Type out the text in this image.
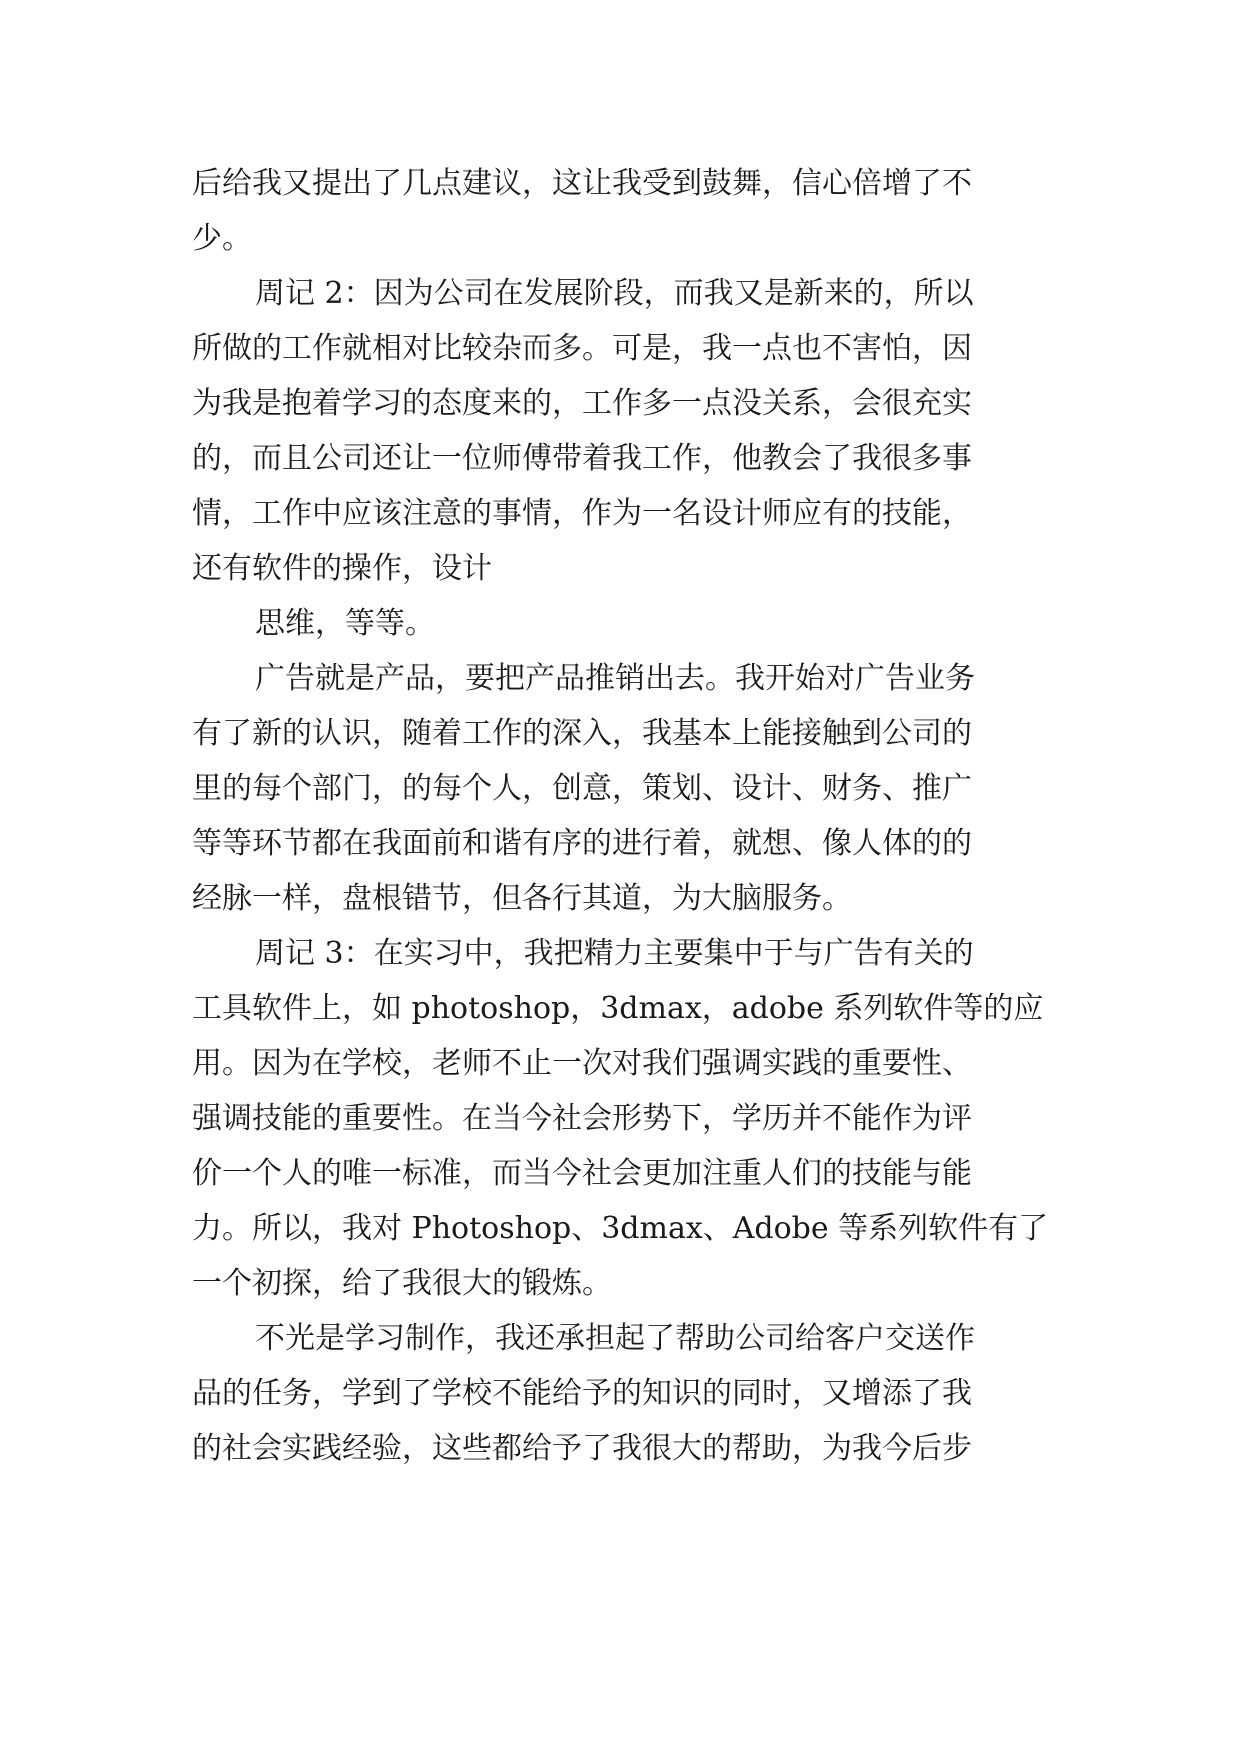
后给我又提出了几点建议，这让我受到鼓舞，信心倍增了不

少。

周记 2：因为公司在发展阶段，而我又是新来的，所以

所做的工作就相对比较杂而多。可是，我一点也不害怕，因

为我是抱着学习的态度来的，工作多一点没关系，会很充实

的，而且公司还让一位师傅带着我工作，他教会了我很多事

情，工作中应该注意的事情，作为一名设计师应有的技能，

还有软件的操作，设计

思维，等等。

广告就是产品，要把产品推销出去。我开始对广告业务

有了新的认识，随着工作的深入，我基本上能接触到公司的

里的每个部门，的每个人，创意，策划、设计、财务、推广

等等环节都在我面前和谐有序的进行着，就想、像人体的的

经脉一样，盘根错节，但各行其道，为大脑服务。

周记 3：在实习中，我把精力主要集中于与广告有关的

工具软件上，如 photoshop，3dmax，adobe 系列软件等的应

用。因为在学校，老师不止一次对我们强调实践的重要性、

强调技能的重要性。在当今社会形势下，学历并不能作为评

价一个人的唯一标准，而当今社会更加注重人们的技能与能

力。所以，我对 Photoshop、3dmax、Adobe 等系列软件有了

一个初探，给了我很大的锻炼。

不光是学习制作，我还承担起了帮助公司给客户交送作

品的任务，学到了学校不能给予的知识的同时，又增添了我

的社会实践经验，这些都给予了我很大的帮助，为我今后步
